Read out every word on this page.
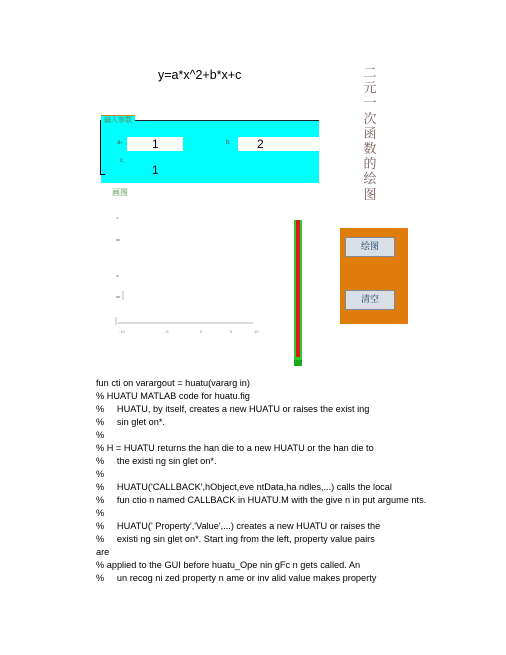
y=a*x^2+b*x+c	二元一次函数的绘图
输入参数
a- 1	b 2
c
1
画图
-10	-5	0	5	10
绘图
清空
fun cti on varargout = huatu(vararg in)
% HUATU MATLAB code for huatu.fig
%     HUATU, by itself, creates a new HUATU or raises the exist ing
%     sin glet on*.
%
% H = HUATU returns the han die to a new HUATU or the han die to
%     the existi ng sin glet on*.
%
%     HUATU('CALLBACK',hObject,eve ntData,ha ndles,...) calls the local
%     fun ctio n named CALLBACK in HUATU.M with the give n in put argume nts.
%
%     HUATU(' Property','Value',...) creates a new HUATU or raises the
%     existi ng sin glet on*. Start ing from the left, property value pairs
are
% applied to the GUI before huatu_Ope nin gFc n gets called. An
%     un recog ni zed property n ame or inv alid value makes property
